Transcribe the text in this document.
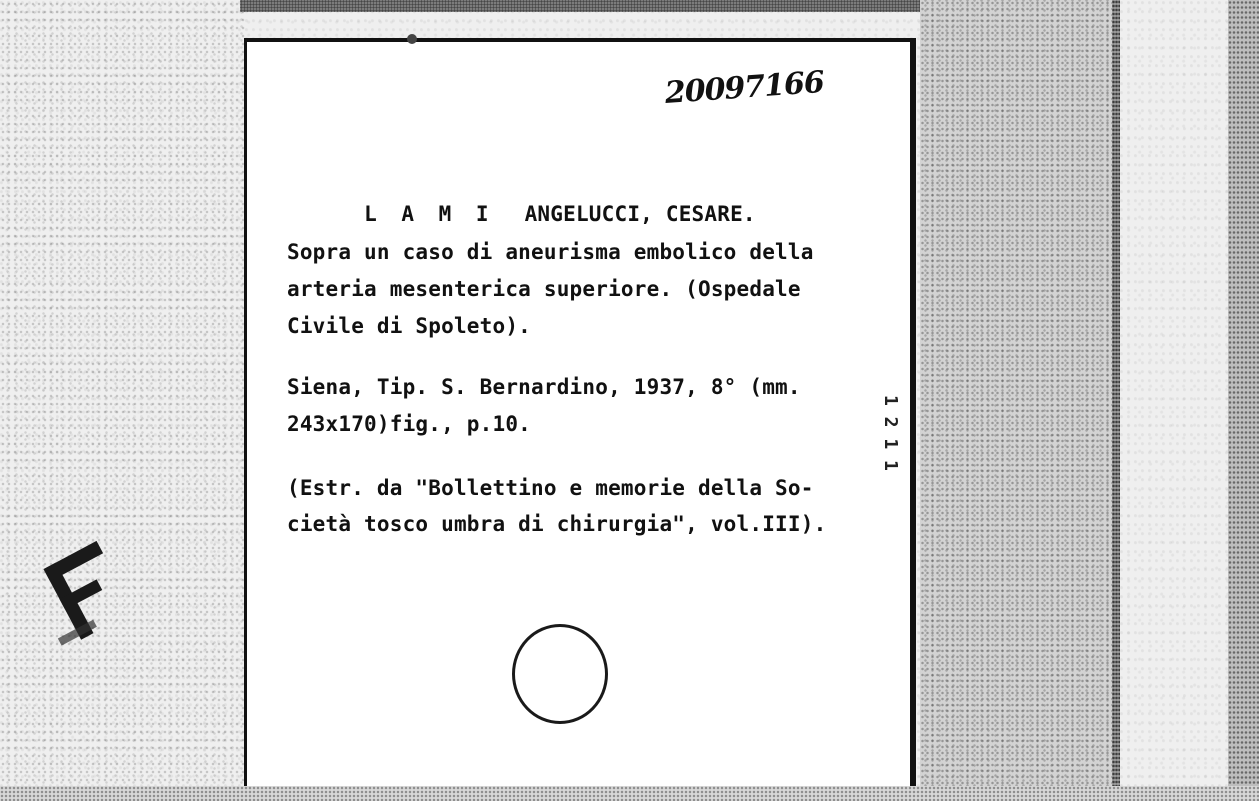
20097166

L A M I ANGELUCCI, CESARE.

Sopra un caso di aneurisma embolico della
arteria mesenterica superiore. (Ospedale
Civile di Spoleto).
Siena, Tip. S. Bernardino, 1937, 8° (mm.
243x170)fig., p.10.
(Estr. da "Bollettino e memorie della So-
cietà tosco umbra di chirurgia", vol.III).
1 2 1 1
